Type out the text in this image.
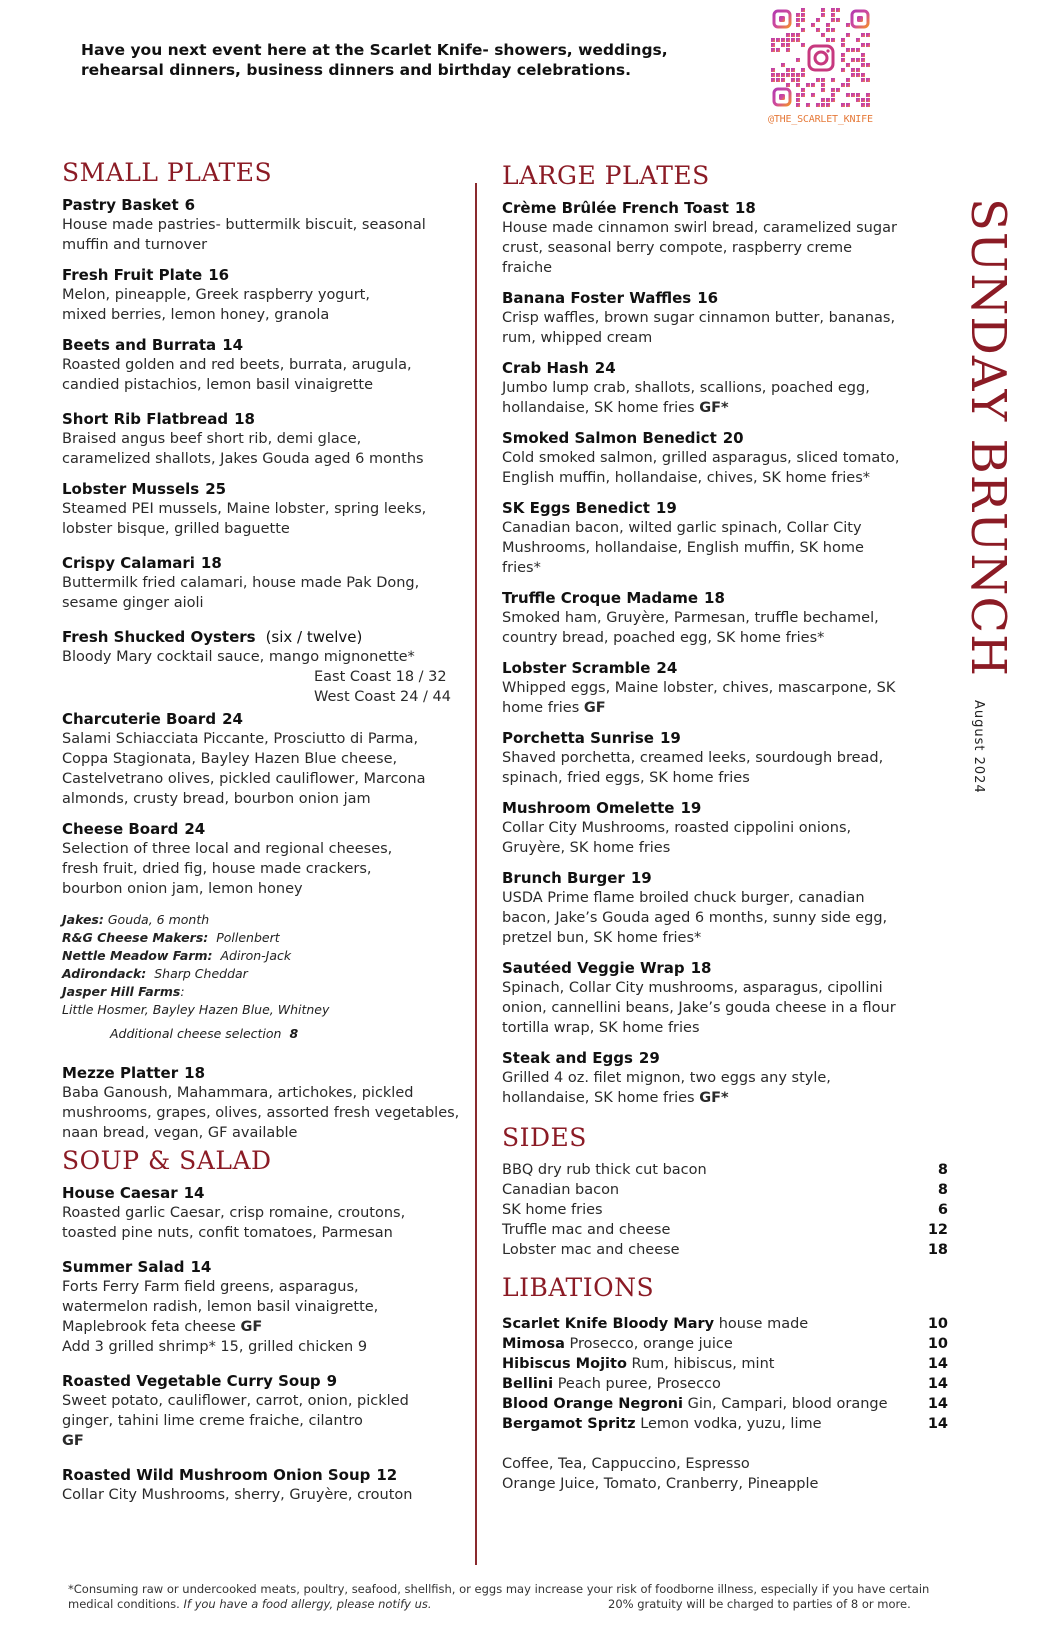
Have you next event here at the Scarlet Knife- showers, weddings, rehearsal dinners, business dinners and birthday celebrations.
@THE_SCARLET_KNIFE
SMALL PLATES
Pastry Basket 6
House made pastries- buttermilk biscuit, seasonal muffin and turnover
Fresh Fruit Plate 16
Melon, pineapple, Greek raspberry yogurt, mixed berries, lemon honey, granola
Beets and Burrata 14
Roasted golden and red beets, burrata, arugula, candied pistachios, lemon basil vinaigrette
Short Rib Flatbread 18
Braised angus beef short rib, demi glace, caramelized shallots, Jakes Gouda aged 6 months
Lobster Mussels 25
Steamed PEI mussels, Maine lobster, spring leeks, lobster bisque, grilled baguette
Crispy Calamari 18
Buttermilk fried calamari, house made Pak Dong, sesame ginger aioli
Fresh Shucked Oysters (six / twelve)
Bloody Mary cocktail sauce, mango mignonette*
East Coast 18 / 32
West Coast 24 / 44
Charcuterie Board 24
Salami Schiacciata Piccante, Prosciutto di Parma, Coppa Stagionata, Bayley Hazen Blue cheese, Castelvetrano olives, pickled cauliflower, Marcona almonds, crusty bread, bourbon onion jam
Cheese Board 24
Selection of three local and regional cheeses, fresh fruit, dried fig, house made crackers, bourbon onion jam, lemon honey
Jakes: Gouda, 6 month
R&G Cheese Makers: Pollenbert
Nettle Meadow Farm: Adiron-Jack
Adirondack: Sharp Cheddar
Jasper Hill Farms:
Little Hosmer, Bayley Hazen Blue, Whitney
Additional cheese selection 8
Mezze Platter 18
Baba Ganoush, Mahammara, artichokes, pickled mushrooms, grapes, olives, assorted fresh vegetables, naan bread, vegan, GF available
SOUP & SALAD
House Caesar 14
Roasted garlic Caesar, crisp romaine, croutons, toasted pine nuts, confit tomatoes, Parmesan
Summer Salad 14
Forts Ferry Farm field greens, asparagus, watermelon radish, lemon basil vinaigrette, Maplebrook feta cheese GF
Add 3 grilled shrimp* 15, grilled chicken 9
Roasted Vegetable Curry Soup 9
Sweet potato, cauliflower, carrot, onion, pickled ginger, tahini lime creme fraiche, cilantro
GF
Roasted Wild Mushroom Onion Soup 12
Collar City Mushrooms, sherry, Gruyère, crouton
LARGE PLATES
Crème Brûlée French Toast 18
House made cinnamon swirl bread, caramelized sugar crust, seasonal berry compote, raspberry creme fraiche
Banana Foster Waffles 16
Crisp waffles, brown sugar cinnamon butter, bananas, rum, whipped cream
Crab Hash 24
Jumbo lump crab, shallots, scallions, poached egg, hollandaise, SK home fries GF*
Smoked Salmon Benedict 20
Cold smoked salmon, grilled asparagus, sliced tomato, English muffin, hollandaise, chives, SK home fries*
SK Eggs Benedict 19
Canadian bacon, wilted garlic spinach, Collar City Mushrooms, hollandaise, English muffin, SK home fries*
Truffle Croque Madame 18
Smoked ham, Gruyère, Parmesan, truffle bechamel, country bread, poached egg, SK home fries*
Lobster Scramble 24
Whipped eggs, Maine lobster, chives, mascarpone, SK home fries GF
Porchetta Sunrise 19
Shaved porchetta, creamed leeks, sourdough bread, spinach, fried eggs, SK home fries
Mushroom Omelette 19
Collar City Mushrooms, roasted cippolini onions, Gruyère, SK home fries
Brunch Burger 19
USDA Prime flame broiled chuck burger, canadian bacon, Jake’s Gouda aged 6 months, sunny side egg, pretzel bun, SK home fries*
Sautéed Veggie Wrap 18
Spinach, Collar City mushrooms, asparagus, cipollini onion, cannellini beans, Jake’s gouda cheese in a flour tortilla wrap, SK home fries
Steak and Eggs 29
Grilled 4 oz. filet mignon, two eggs any style, hollandaise, SK home fries GF*
SIDES
BBQ dry rub thick cut bacon	8
Canadian bacon	8
SK home fries	6
Truffle mac and cheese	12
Lobster mac and cheese	18
LIBATIONS
Scarlet Knife Bloody Mary house made	10
Mimosa Prosecco, orange juice	10
Hibiscus Mojito Rum, hibiscus, mint	14
Bellini Peach puree, Prosecco	14
Blood Orange Negroni Gin, Campari, blood orange	14
Bergamot Spritz Lemon vodka, yuzu, lime	14
Coffee, Tea, Cappuccino, Espresso
Orange Juice, Tomato, Cranberry, Pineapple
SUNDAY BRUNCH
August 2024
*Consuming raw or undercooked meats, poultry, seafood, shellfish, or eggs may increase your risk of foodborne illness, especially if you have certain medical conditions. If you have a food allergy, please notify us.	20% gratuity will be charged to parties of 8 or more.
